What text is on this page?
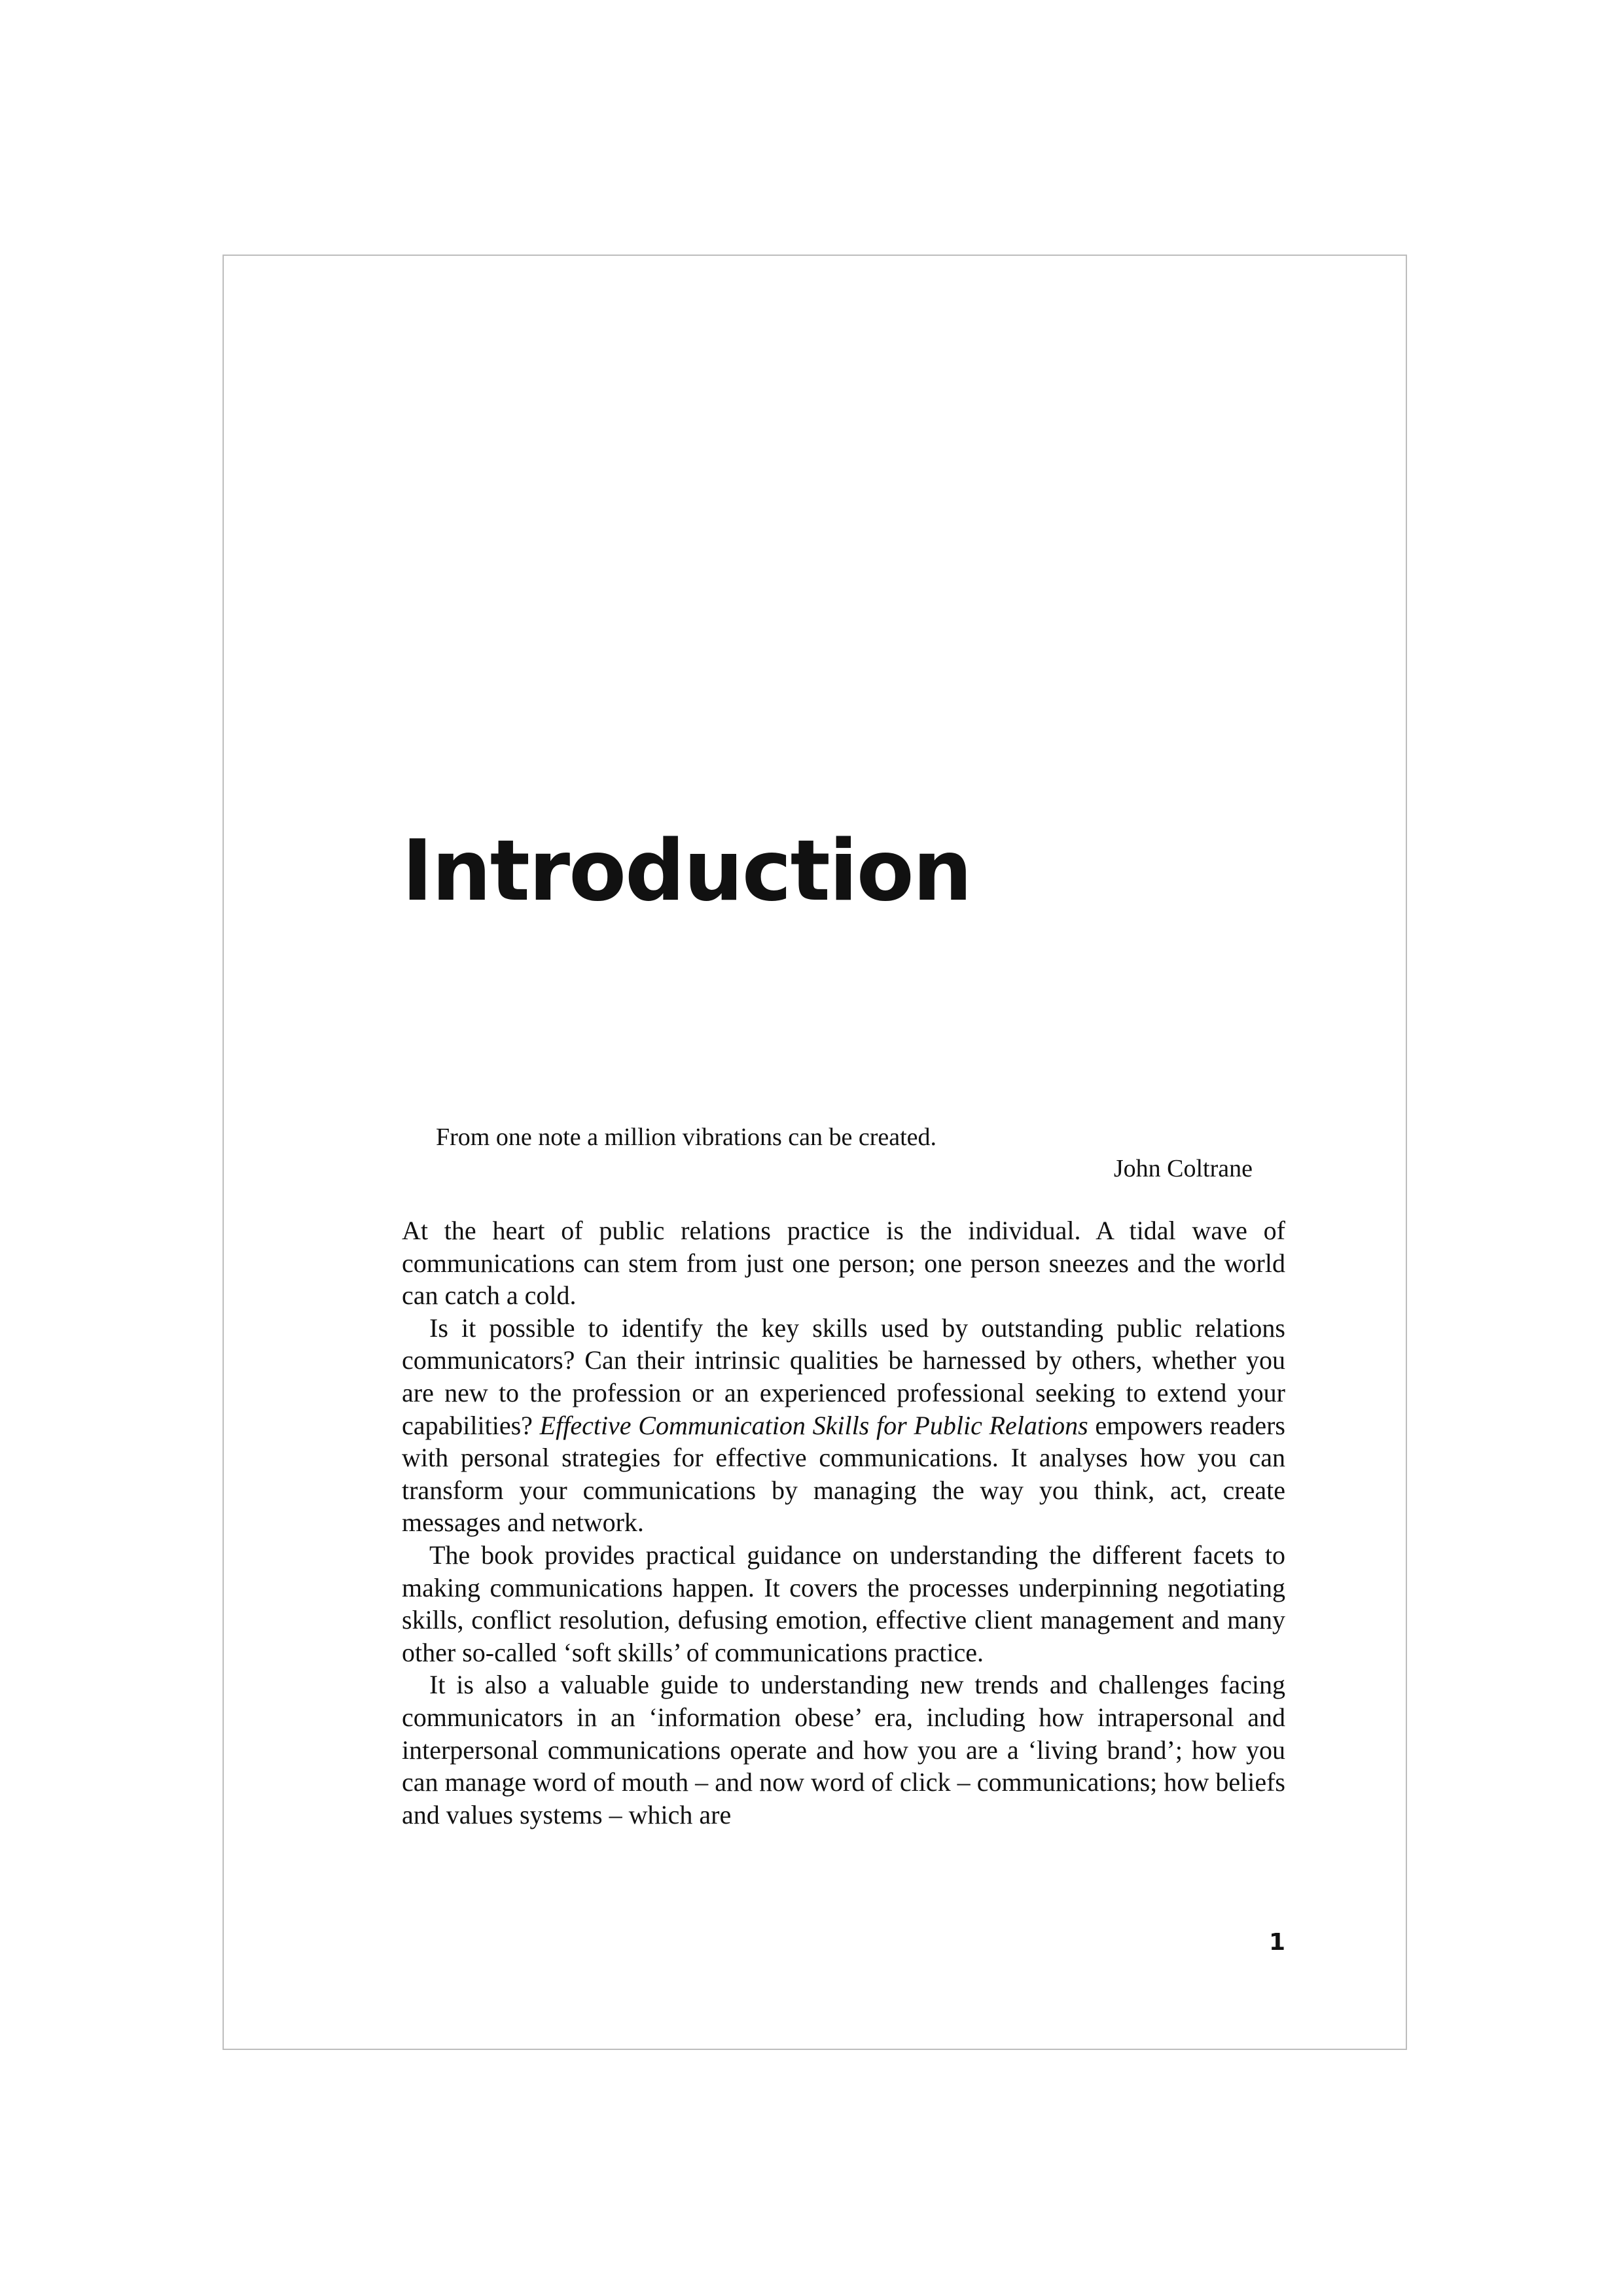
Introduction

From one note a million vibrations can be created.

John Coltrane

At the heart of public relations practice is the individual. A tidal wave of communications can stem from just one person; one person sneezes and the world can catch a cold.

Is it possible to identify the key skills used by outstanding public relations communicators? Can their intrinsic qualities be harnessed by others, whether you are new to the profession or an experienced professional seeking to extend your capabilities? Effective Communication Skills for Public Relations empowers readers with personal strategies for effective communications. It analyses how you can transform your communications by managing the way you think, act, create messages and network.

The book provides practical guidance on understanding the different facets to making communications happen. It covers the processes underpinning negotiating skills, conflict resolution, defusing emotion, effective client management and many other so-called ‘soft skills’ of communications practice.

It is also a valuable guide to understanding new trends and challenges facing communicators in an ‘information obese’ era, including how intrapersonal and interpersonal communications operate and how you are a ‘living brand’; how you can manage word of mouth – and now word of click – communications; how beliefs and values systems – which are

1
